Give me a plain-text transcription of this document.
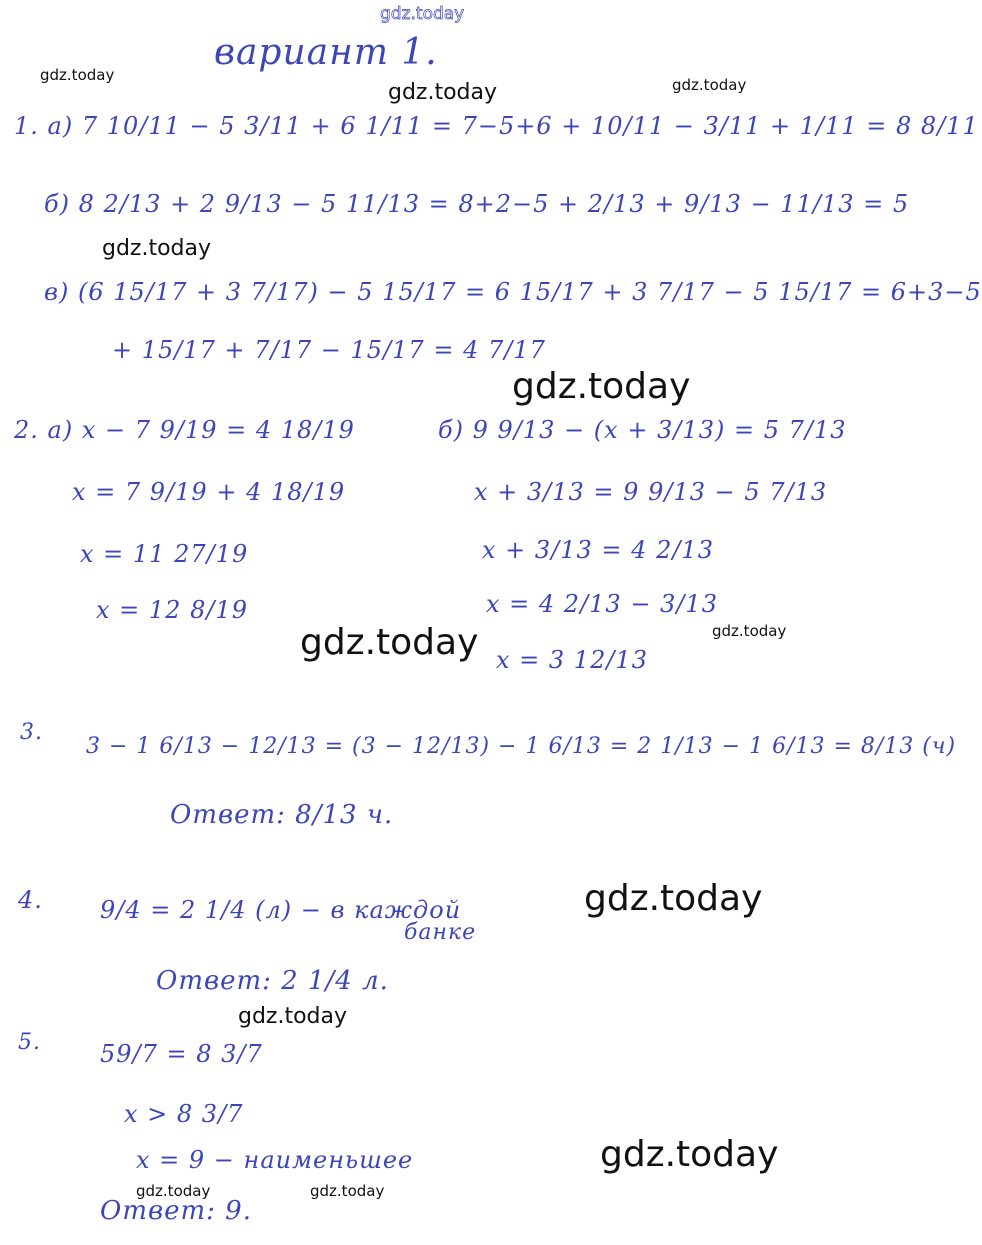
gdz.today
gdz.today
gdz.today	gdz.today
gdz.today
gdz.today
gdz.today	gdz.today
gdz.today
gdz.today
gdz.today
gdz.today	gdz.today
вариант 1.
1. а) 7 10/11 − 5 3/11 + 6 1/11 = 7−5+6 + 10/11 − 3/11 + 1/11 = 8 8/11
б) 8 2/13 + 2 9/13 − 5 11/13 = 8+2−5 + 2/13 + 9/13 − 11/13 = 5
в) (6 15/17 + 3 7/17) − 5 15/17 = 6 15/17 + 3 7/17 − 5 15/17 = 6+3−5
+ 15/17 + 7/17 − 15/17 = 4 7/17
2. а) x − 7 9/19 = 4 18/19
x = 7 9/19 + 4 18/19
x = 11 27/19
x = 12 8/19
б) 9 9/13 − (x + 3/13) = 5 7/13
x + 3/13 = 9 9/13 − 5 7/13
x + 3/13 = 4 2/13
x = 4 2/13 − 3/13
x = 3 12/13
3.
3 − 1 6/13 − 12/13 = (3 − 12/13) − 1 6/13 = 2 1/13 − 1 6/13 = 8/13 (ч)
Ответ: 8/13 ч.
4. 9/4 = 2 1/4 (л) − в каждой
банке
Ответ: 2 1/4 л.
5. 59/7 = 8 3/7
x > 8 3/7
x = 9 − наименьшее
Ответ: 9.
